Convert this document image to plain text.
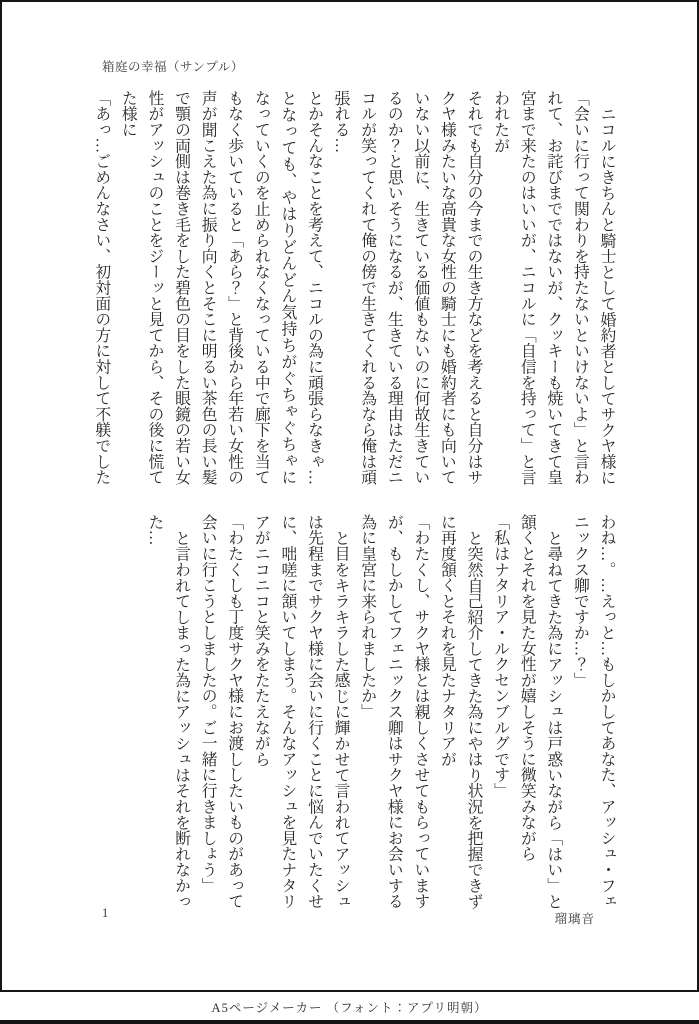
箱庭の幸福（サンプル）

ニコルにきちんと騎士として婚約者としてサクヤ様に「会いに行って関わりを持たないといけないよ」と言われて、お詫びまでではないが、クッキーも焼いてきて皇宮まで来たのはいいが、ニコルに「自信を持って」と言われたが

それでも自分の今までの生き方などを考えると自分はサクヤ様みたいな高貴な女性の騎士にも婚約者にも向いていない以前に、生きている価値もないのに何故生きているのか？と思いそうになるが、生きている理由はただニコルが笑ってくれて俺の傍で生きてくれる為なら俺は頑張れる…

とかそんなことを考えて、ニコルの為に頑張らなきゃ…となっても、やはりどんどん気持ちがぐちゃぐちゃになっていくのを止められなくなっている中で廊下を当てもなく歩いていると「あら？」と背後から年若い女性の声が聞こえた為に振り向くとそこに明るい茶色の長い髪で顎の両側は巻き毛をした碧色の目をした眼鏡の若い女性がアッシュのことをジーッと見てから、その後に慌てた様に

「あっ…ごめんなさい、初対面の方に対して不躾でした

わね…。…えっと…もしかしてあなた、アッシュ・フェニックス卿ですか…？」

と尋ねてきた為にアッシュは戸惑いながら「はい」と頷くとそれを見た女性が嬉しそうに微笑みながら

「私はナタリア・ルクセンブルグです」

と突然自己紹介してきた為にやはり状況を把握できずに再度頷くとそれを見たナタリアが

「わたくし、サクヤ様とは親しくさせてもらっていますが、もしかしてフェニックス卿はサクヤ様にお会いする為に皇宮に来られましたか」

と目をキラキラした感じに輝かせて言われてアッシュは先程までサクヤ様に会いに行くことに悩んでいたくせに、咄嗟に頷いてしまう。そんなアッシュを見たナタリアがニコニコと笑みをたたえながら

「わたくしも丁度サクヤ様にお渡ししたいものがあって会いに行こうとしましたの。ご一緒に行きましょう」

と言われてしまった為にアッシュはそれを断れなかった…

1	瑠璃音
A5ページメーカー （フォント：アプリ明朝）
